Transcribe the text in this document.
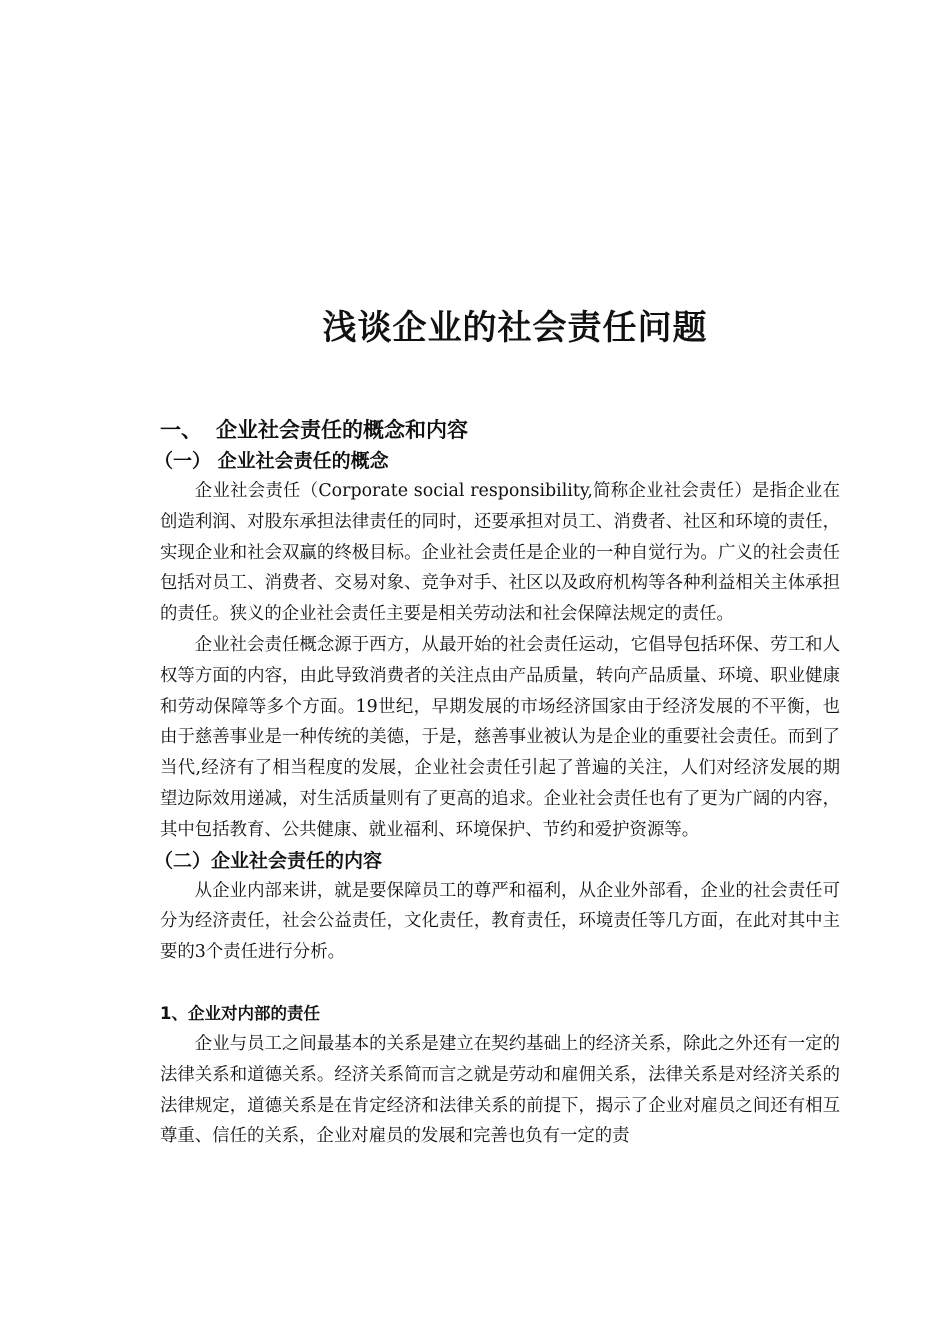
浅谈企业的社会责任问题
一、 企业社会责任的概念和内容
（一） 企业社会责任的概念

企业社会责任（Corporate social responsibility,简称企业社会责任）是指企业在创造利润、对股东承担法律责任的同时，还要承担对员工、消费者、社区和环境的责任，实现企业和社会双赢的终极目标。企业社会责任是企业的一种自觉行为。广义的社会责任包括对员工、消费者、交易对象、竞争对手、社区以及政府机构等各种利益相关主体承担的责任。狭义的企业社会责任主要是相关劳动法和社会保障法规定的责任。

企业社会责任概念源于西方，从最开始的社会责任运动，它倡导包括环保、劳工和人权等方面的内容，由此导致消费者的关注点由产品质量，转向产品质量、环境、职业健康和劳动保障等多个方面。19世纪，早期发展的市场经济国家由于经济发展的不平衡，也由于慈善事业是一种传统的美德，于是，慈善事业被认为是企业的重要社会责任。而到了当代,经济有了相当程度的发展，企业社会责任引起了普遍的关注，人们对经济发展的期望边际效用递减，对生活质量则有了更高的追求。企业社会责任也有了更为广阔的内容，其中包括教育、公共健康、就业福利、环境保护、节约和爱护资源等。

（二）企业社会责任的内容

从企业内部来讲，就是要保障员工的尊严和福利，从企业外部看，企业的社会责任可分为经济责任，社会公益责任，文化责任，教育责任，环境责任等几方面，在此对其中主要的3个责任进行分析。

1、企业对内部的责任

企业与员工之间最基本的关系是建立在契约基础上的经济关系，除此之外还有一定的法律关系和道德关系。经济关系简而言之就是劳动和雇佣关系，法律关系是对经济关系的法律规定，道德关系是在肯定经济和法律关系的前提下，揭示了企业对雇员之间还有相互尊重、信任的关系，企业对雇员的发展和完善也负有一定的责
